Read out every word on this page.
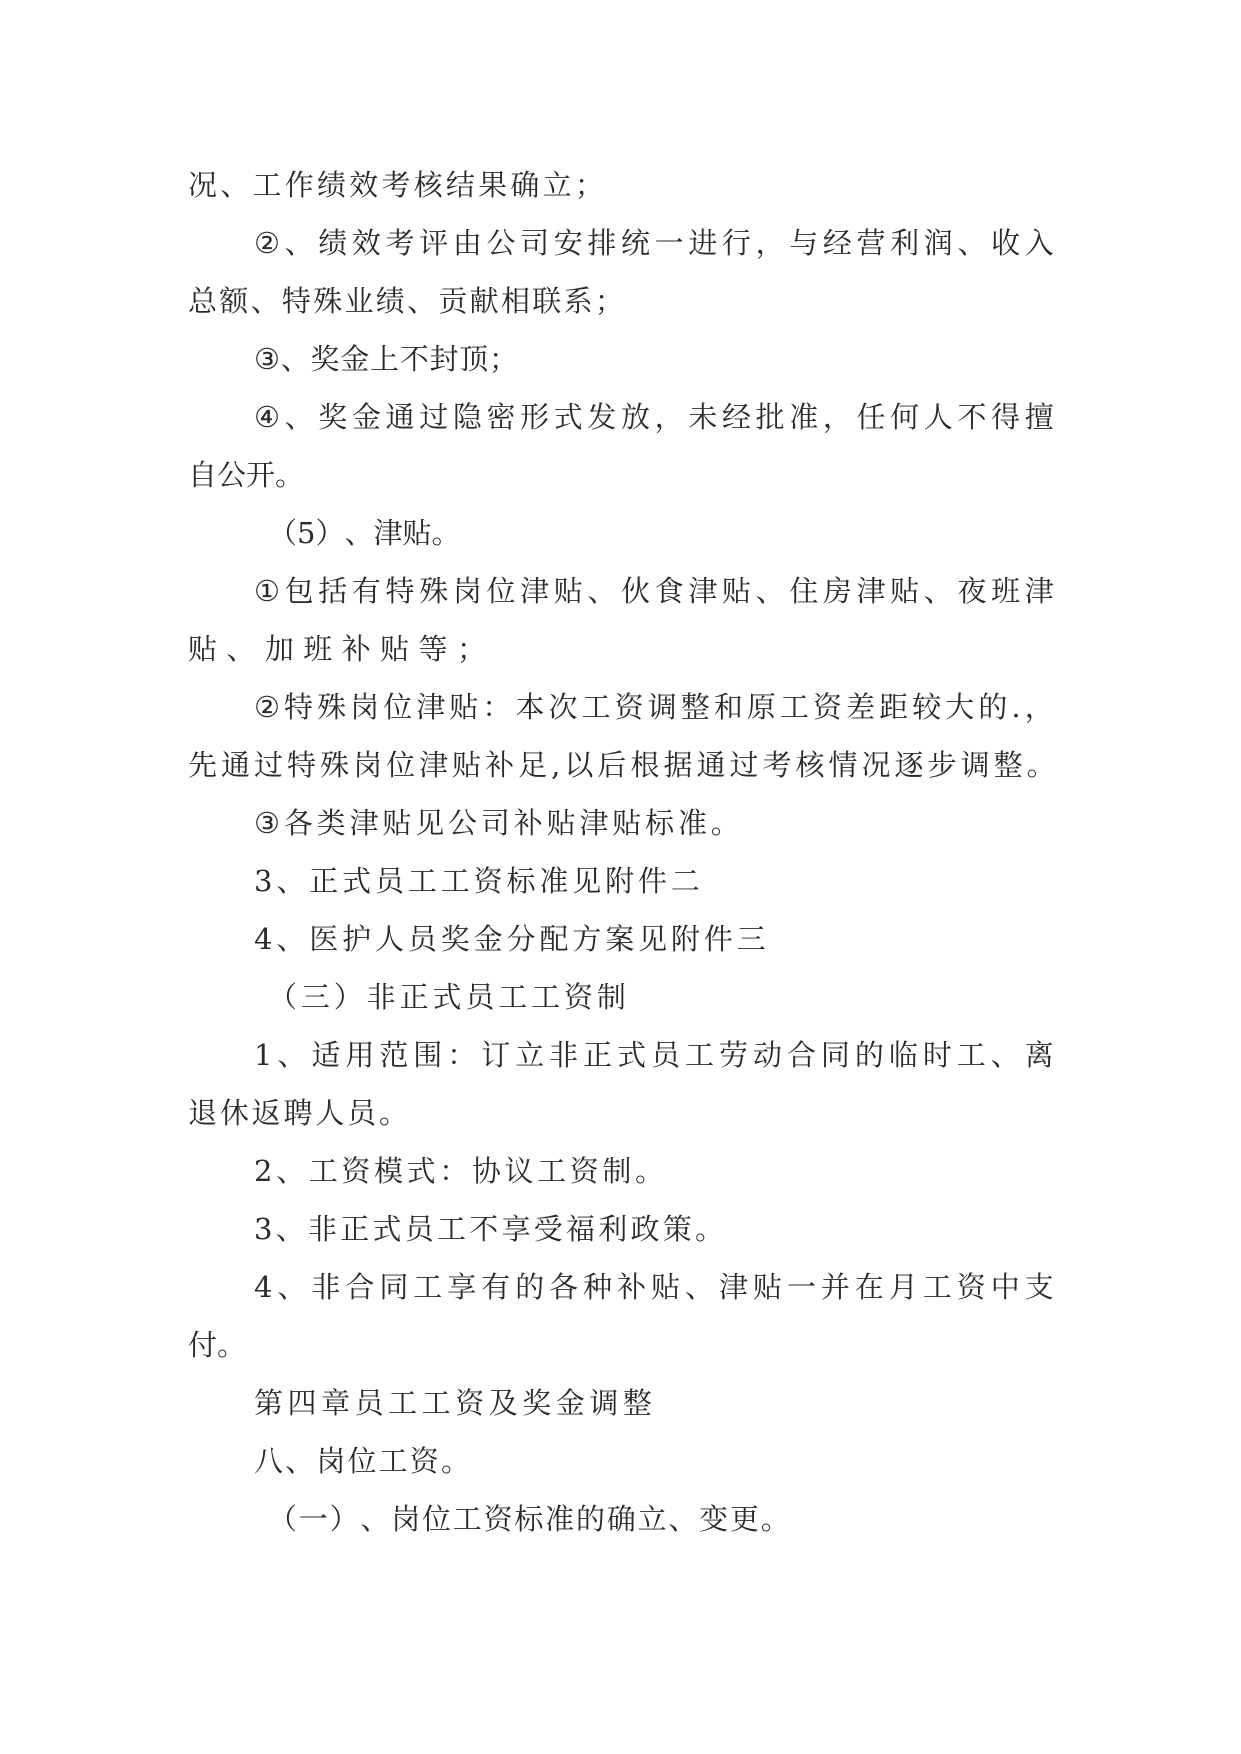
况 、 工 作 绩 效 考 核 结 果 确 立 ；
② 、 绩 效 考 评 由 公 司 安 排 统 一 进 行 ， 与 经 营 利 润 、 收 入
总 额 、 特 殊 业 绩 、 贡 献 相 联 系 ；
③ 、 奖 金 上 不 封 顶 ；
④ 、 奖 金 通 过 隐 密 形 式 发 放 ， 未 经 批 准 ， 任 何 人 不 得 擅
自 公 开 。
（ 5 ） 、 津 贴 。
① 包 括 有 特 殊 岗 位 津 贴 、 伙 食 津 贴 、 住 房 津 贴 、 夜 班 津
贴 、 加 班 补 贴 等 ；
② 特 殊 岗 位 津 贴 ： 本 次 工 资 调 整 和 原 工 资 差 距 较 大 的 . ，
先 通 过 特 殊 岗 位 津 贴 补 足 , 以 后 根 据 通 过 考 核 情 况 逐 步 调 整 。
③ 各 类 津 贴 见 公 司 补 贴 津 贴 标 准 。
3 、 正 式 员 工 工 资 标 准 见 附 件 二
4 、 医 护 人 员 奖 金 分 配 方 案 见 附 件 三
（ 三 ） 非 正 式 员 工 工 资 制
1 、 适 用 范 围 ： 订 立 非 正 式 员 工 劳 动 合 同 的 临 时 工 、 离
退 休 返 聘 人 员 。
2 、 工 资 模 式 ： 协 议 工 资 制 。
3 、 非 正 式 员 工 不 享 受 福 利 政 策 。
4 、 非 合 同 工 享 有 的 各 种 补 贴 、 津 贴 一 并 在 月 工 资 中 支
付 。
第 四 章 员 工 工 资 及 奖 金 调 整
八 、 岗 位 工 资 。
（ 一 ） 、 岗 位 工 资 标 准 的 确 立 、 变 更 。
